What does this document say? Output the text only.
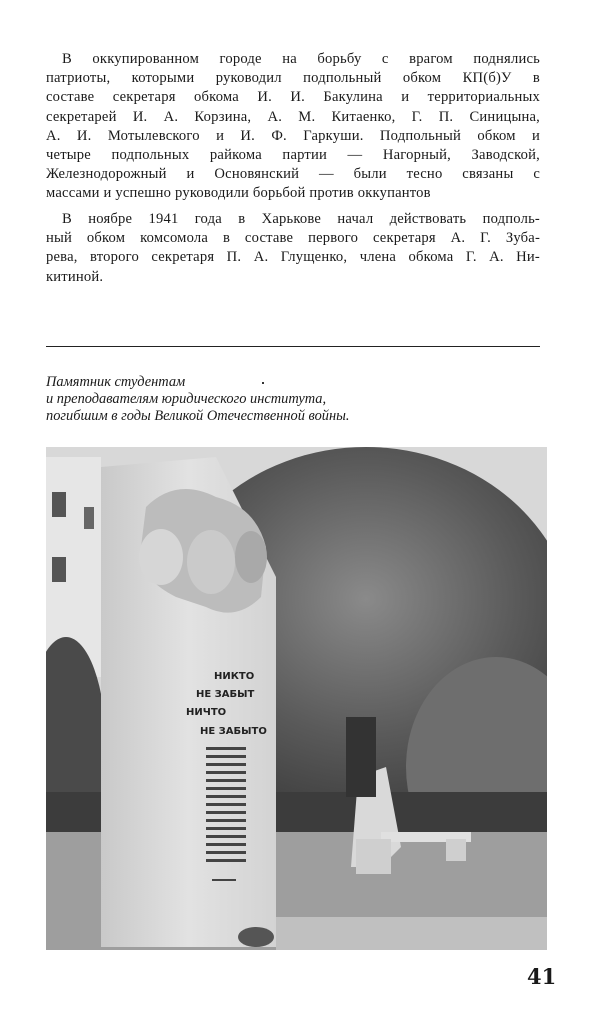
В оккупированном городе на борьбу с врагом поднялись
патриоты, которыми руководил подпольный обком КП(б)У в
составе секретаря обкома И. И. Бакулина и территориальных
секретарей И. А. Корзина, А. М. Китаенко, Г. П. Синицына,
А. И. Мотылевского и И. Ф. Гаркуши. Подпольный обком и
четыре подпольных райкома партии — Нагорный, Заводской,
Железнодорожный и Основянский — были тесно связаны с
массами и успешно руководили борьбой против оккупантов
В ноябре 1941 года в Харькове начал действовать подполь-
ный обком комсомола в составе первого секретаря А. Г. Зуба-
рева, второго секретаря П. А. Глущенко, члена обкома Г. А. Ни-
китиной.
Памятник студентам
и преподавателям юридического института,
погибшим в годы Великой Отечественной войны.
НИКТО
НЕ ЗАБЫТ
НИЧТО
НЕ ЗАБЫТО
41
